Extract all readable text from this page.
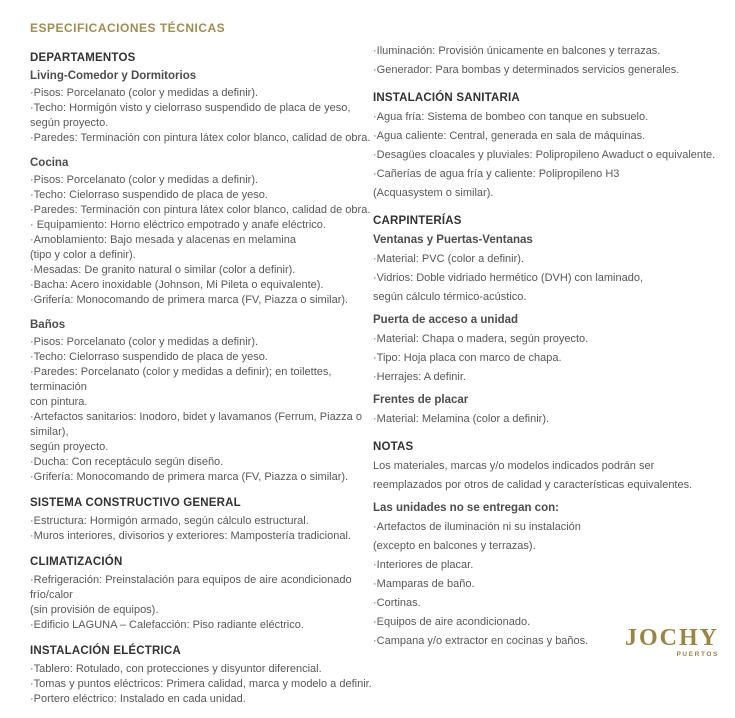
ESPECIFICACIONES TÉCNICAS
DEPARTAMENTOS
Living-Comedor y Dormitorios
·Pisos: Porcelanato (color y medidas a definir).
·Techo: Hormigón visto y cielorraso suspendido de placa de yeso,
según proyecto.
·Paredes: Terminación con pintura látex color blanco, calidad de obra.
Cocina
·Pisos: Porcelanato (color y medidas a definir).
·Techo: Cielorraso suspendido de placa de yeso.
·Paredes: Terminación con pintura látex color blanco, calidad de obra.
· Equipamiento: Horno eléctrico empotrado y anafe eléctrico.
·Amoblamiento: Bajo mesada y alacenas en melamina
(tipo y color a definir).
·Mesadas: De granito natural o similar (color a definir).
·Bacha: Acero inoxidable (Johnson, Mi Pileta o equivalente).
·Grifería: Monocomando de primera marca (FV, Piazza o similar).
Baños
·Pisos: Porcelanato (color y medidas a definir).
·Techo: Cielorraso suspendido de placa de yeso.
·Paredes: Porcelanato (color y medidas a definir); en toilettes, terminación
con pintura.
·Artefactos sanitarios: Inodoro, bidet y lavamanos (Ferrum, Piazza o similar),
según proyecto.
·Ducha: Con receptáculo según diseño.
·Grifería: Monocomando de primera marca (FV, Piazza o similar).
SISTEMA CONSTRUCTIVO GENERAL
·Estructura: Hormigón armado, según cálculo estructural.
·Muros interiores, divisorios y exteriores: Mampostería tradicional.
CLIMATIZACIÓN
·Refrigeración: Preinstalación para equipos de aire acondicionado frío/calor
(sin provisión de equipos).
·Edificio LAGUNA – Calefacción: Piso radiante eléctrico.
INSTALACIÓN ELÉCTRICA
·Tablero: Rotulado, con protecciones y disyuntor diferencial.
·Tomas y puntos eléctricos: Primera calidad, marca y modelo a definir.
·Portero eléctrico: Instalado en cada unidad.
·Iluminación: Provisión únicamente en balcones y terrazas.
·Generador: Para bombas y determinados servicios generales.
INSTALACIÓN SANITARIA
·Agua fría: Sistema de bombeo con tanque en subsuelo.
·Agua caliente: Central, generada en sala de máquinas.
·Desagües cloacales y pluviales: Polipropileno Awaduct o equivalente.
·Cañerías de agua fría y caliente: Polipropileno H3
(Acquasystem o similar).
CARPINTERÍAS
Ventanas y Puertas-Ventanas
·Material: PVC (color a definir).
·Vidrios: Doble vidriado hermético (DVH) con laminado,
según cálculo térmico-acústico.
Puerta de acceso a unidad
·Material: Chapa o madera, según proyecto.
·Tipo: Hoja placa con marco de chapa.
·Herrajes: A definir.
Frentes de placar
·Material: Melamina (color a definir).
NOTAS
Los materiales, marcas y/o modelos indicados podrán ser
reemplazados por otros de calidad y características equivalentes.
Las unidades no se entregan con:
·Artefactos de iluminación ni su instalación
(excepto en balcones y terrazas).
·Interiores de placar.
·Mamparas de baño.
·Cortinas.
·Equipos de aire acondicionado.
·Campana y/o extractor en cocinas y baños.	JOCHY
PUERTOS
